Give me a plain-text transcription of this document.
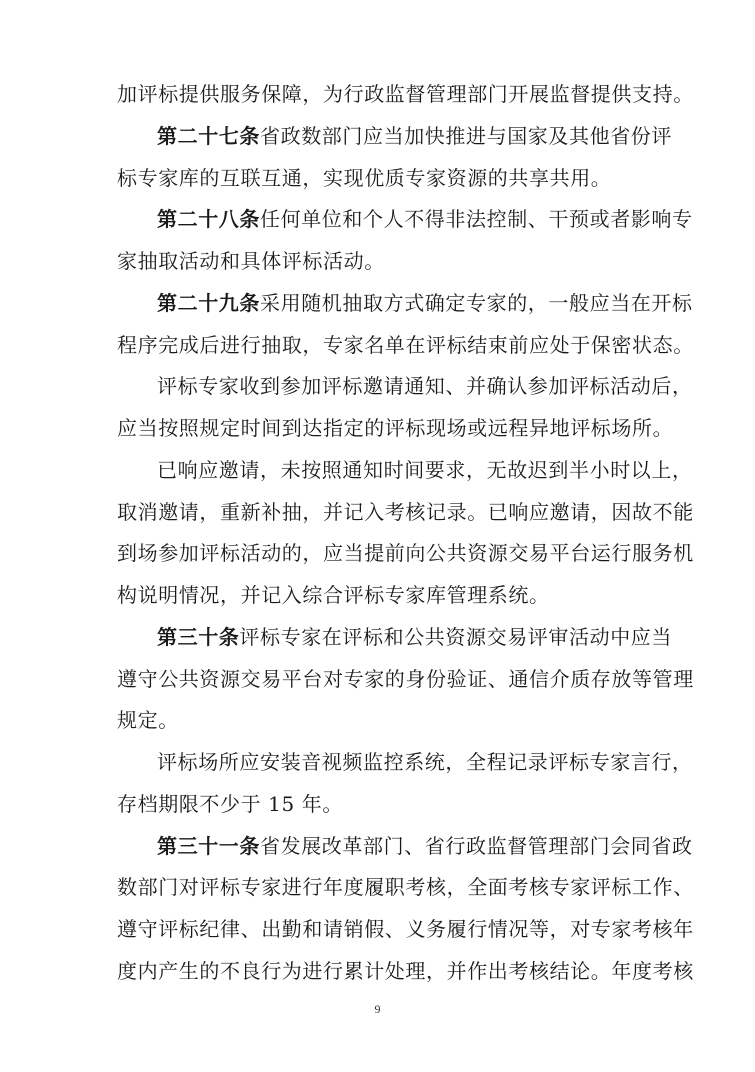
加评标提供服务保障，为行政监督管理部门开展监督提供支持。
第二十七条省政数部门应当加快推进与国家及其他省份评
标专家库的互联互通，实现优质专家资源的共享共用。
第二十八条任何单位和个人不得非法控制、干预或者影响专
家抽取活动和具体评标活动。
第二十九条采用随机抽取方式确定专家的，一般应当在开标
程序完成后进行抽取，专家名单在评标结束前应处于保密状态。
评标专家收到参加评标邀请通知、并确认参加评标活动后，
应当按照规定时间到达指定的评标现场或远程异地评标场所。
已响应邀请，未按照通知时间要求，无故迟到半小时以上，
取消邀请，重新补抽，并记入考核记录。已响应邀请，因故不能
到场参加评标活动的，应当提前向公共资源交易平台运行服务机
构说明情况，并记入综合评标专家库管理系统。
第三十条评标专家在评标和公共资源交易评审活动中应当
遵守公共资源交易平台对专家的身份验证、通信介质存放等管理
规定。
评标场所应安装音视频监控系统，全程记录评标专家言行，
存档期限不少于 15 年。
第三十一条省发展改革部门、省行政监督管理部门会同省政
数部门对评标专家进行年度履职考核，全面考核专家评标工作、
遵守评标纪律、出勤和请销假、义务履行情况等，对专家考核年
度内产生的不良行为进行累计处理，并作出考核结论。年度考核
9
